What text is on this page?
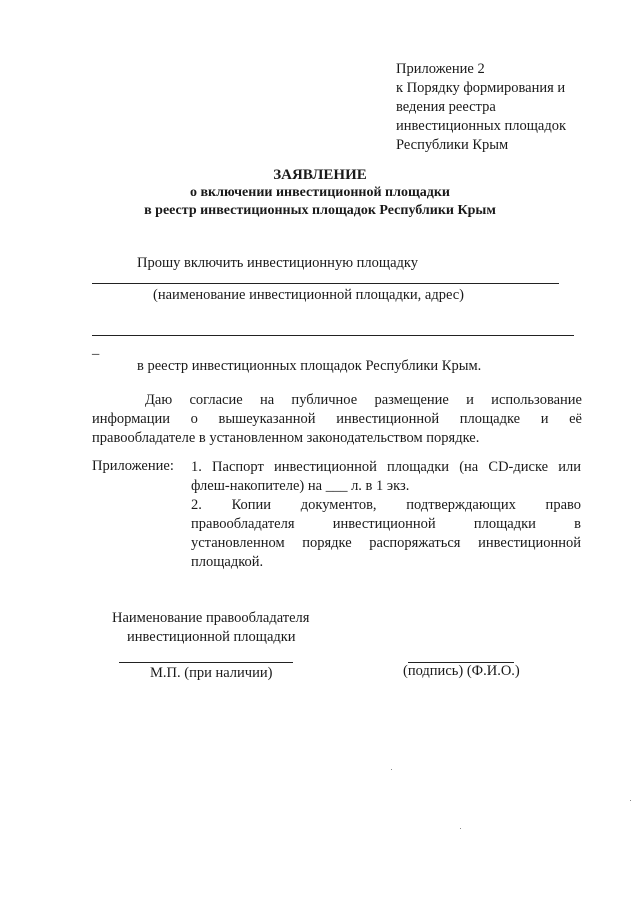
Приложение 2
к Порядку формирования и
ведения реестра
инвестиционных площадок
Республики Крым
ЗАЯВЛЕНИЕ
о включении инвестиционной площадки
в реестр инвестиционных площадок Республики Крым
Прошу включить инвестиционную площадку
(наименование инвестиционной площадки, адрес)
_
в реестр инвестиционных площадок Республики Крым.
Даю согласие на публичное размещение и использование
информации о вышеуказанной инвестиционной площадке и её
правообладателе в установленном законодательством порядке.
Приложение: 1. Паспорт инвестиционной площадки (на CD-диске или
флеш-накопителе) на ___ л. в 1 экз.
2. Копии документов, подтверждающих право
правообладателя инвестиционной площадки в
установленном порядке распоряжаться инвестиционной
площадкой.
Наименование правообладателя
инвестиционной площадки
М.П. (при наличии)	(подпись) (Ф.И.О.)
